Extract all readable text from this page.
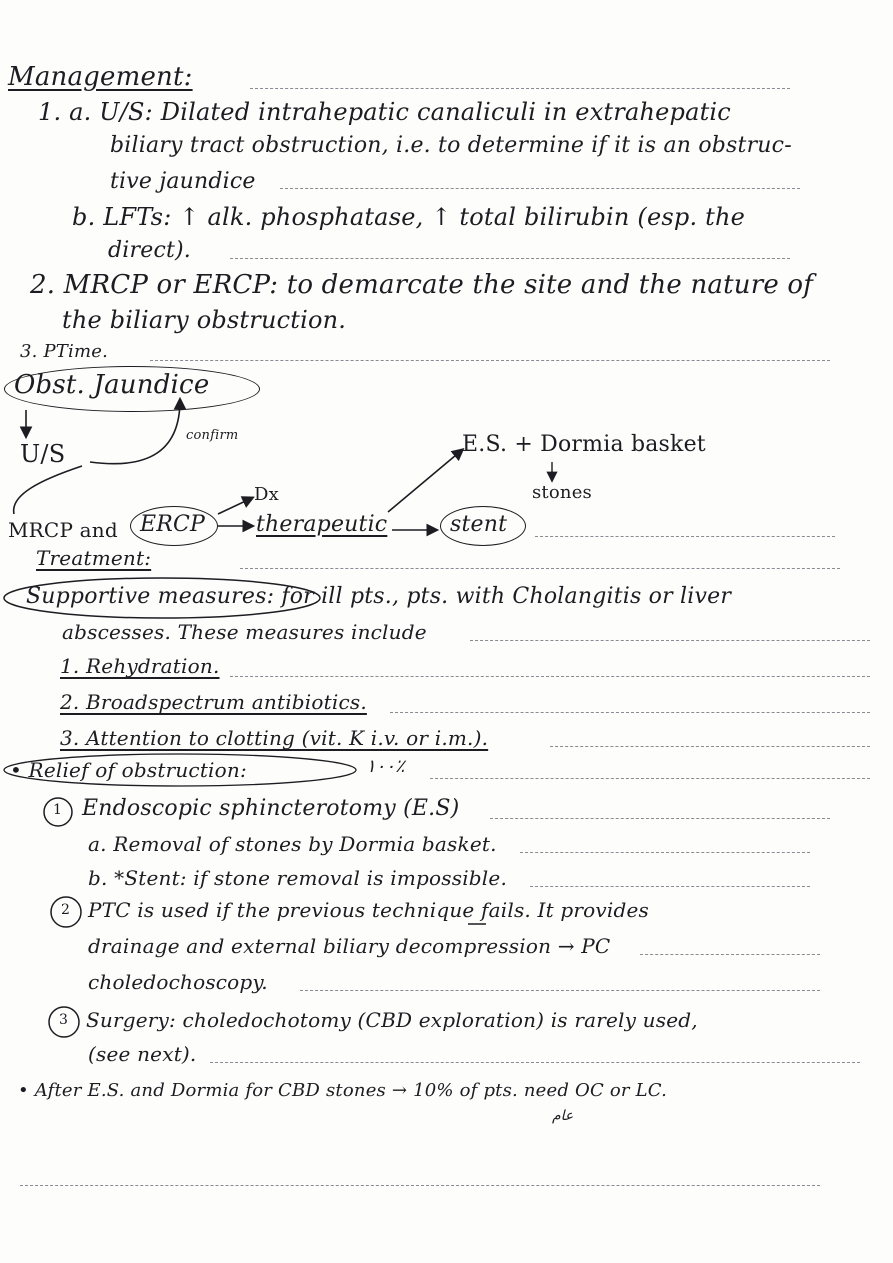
Management:
1. a. U/S: Dilated intrahepatic canaliculi in extrahepatic
biliary tract obstruction, i.e. to determine if it is an obstruc-
tive jaundice
b. LFTs: ↑ alk. phosphatase, ↑ total bilirubin (esp. the
direct).
2. MRCP or ERCP: to demarcate the site and the nature of
the biliary obstruction.
3. PTime.
Obst. Jaundice
U/S
confirm	E.S. + Dormia basket
stones
Dx
MRCP and ERCP therapeutic	stent
Treatment:
Supportive measures: for ill pts., pts. with Cholangitis or liver
abscesses. These measures include
1. Rehydration.
2. Broadspectrum antibiotics.
3. Attention to clotting (vit. K i.v. or i.m.).
• Relief of obstruction:	١٠٠٪
1 Endoscopic sphincterotomy (E.S)
a. Removal of stones by Dormia basket.
b. *Stent: if stone removal is impossible.
2 PTC is used if the previous technique fails. It provides
drainage and external biliary decompression → PC
choledochoscopy.
3 Surgery: choledochotomy (CBD exploration) is rarely used,
(see next).
• After E.S. and Dormia for CBD stones → 10% of pts. need OC or LC.
عام
